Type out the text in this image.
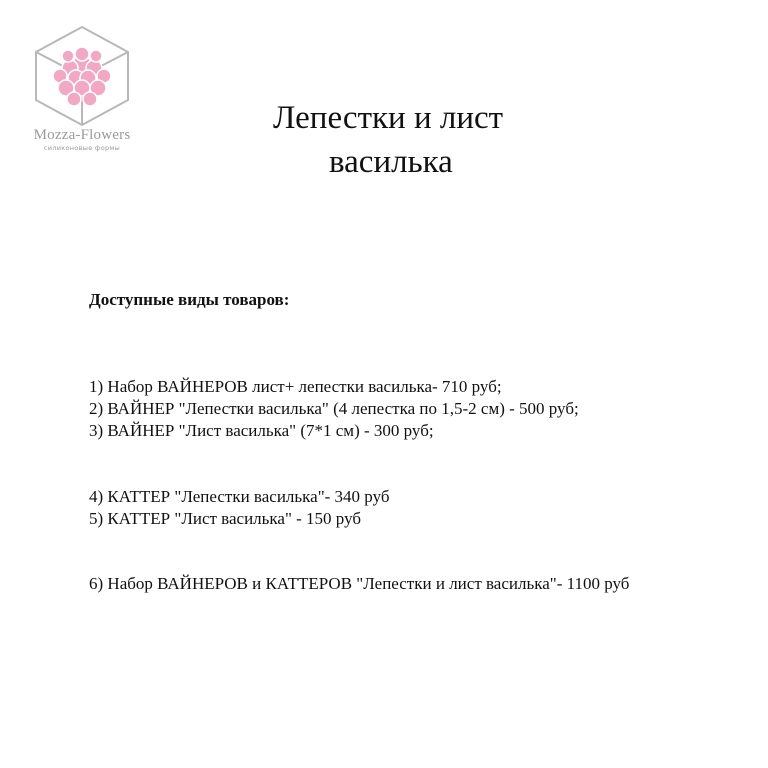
Mozza-Flowers
силиконовые формы
Лепестки и лист
василька
Доступные виды товаров:
1) Набор ВАЙНЕРОВ лист+ лепестки василька- 710 руб;
2) ВАЙНЕР "Лепестки василька" (4 лепестка по 1,5-2 см) - 500 руб;
3) ВАЙНЕР "Лист василька" (7*1 см) - 300 руб;
4) КАТТЕР "Лепестки василька"- 340 руб
5) КАТТЕР "Лист василька" - 150 руб
6) Набор ВАЙНЕРОВ и КАТТЕРОВ "Лепестки и лист василька"- 1100 руб
